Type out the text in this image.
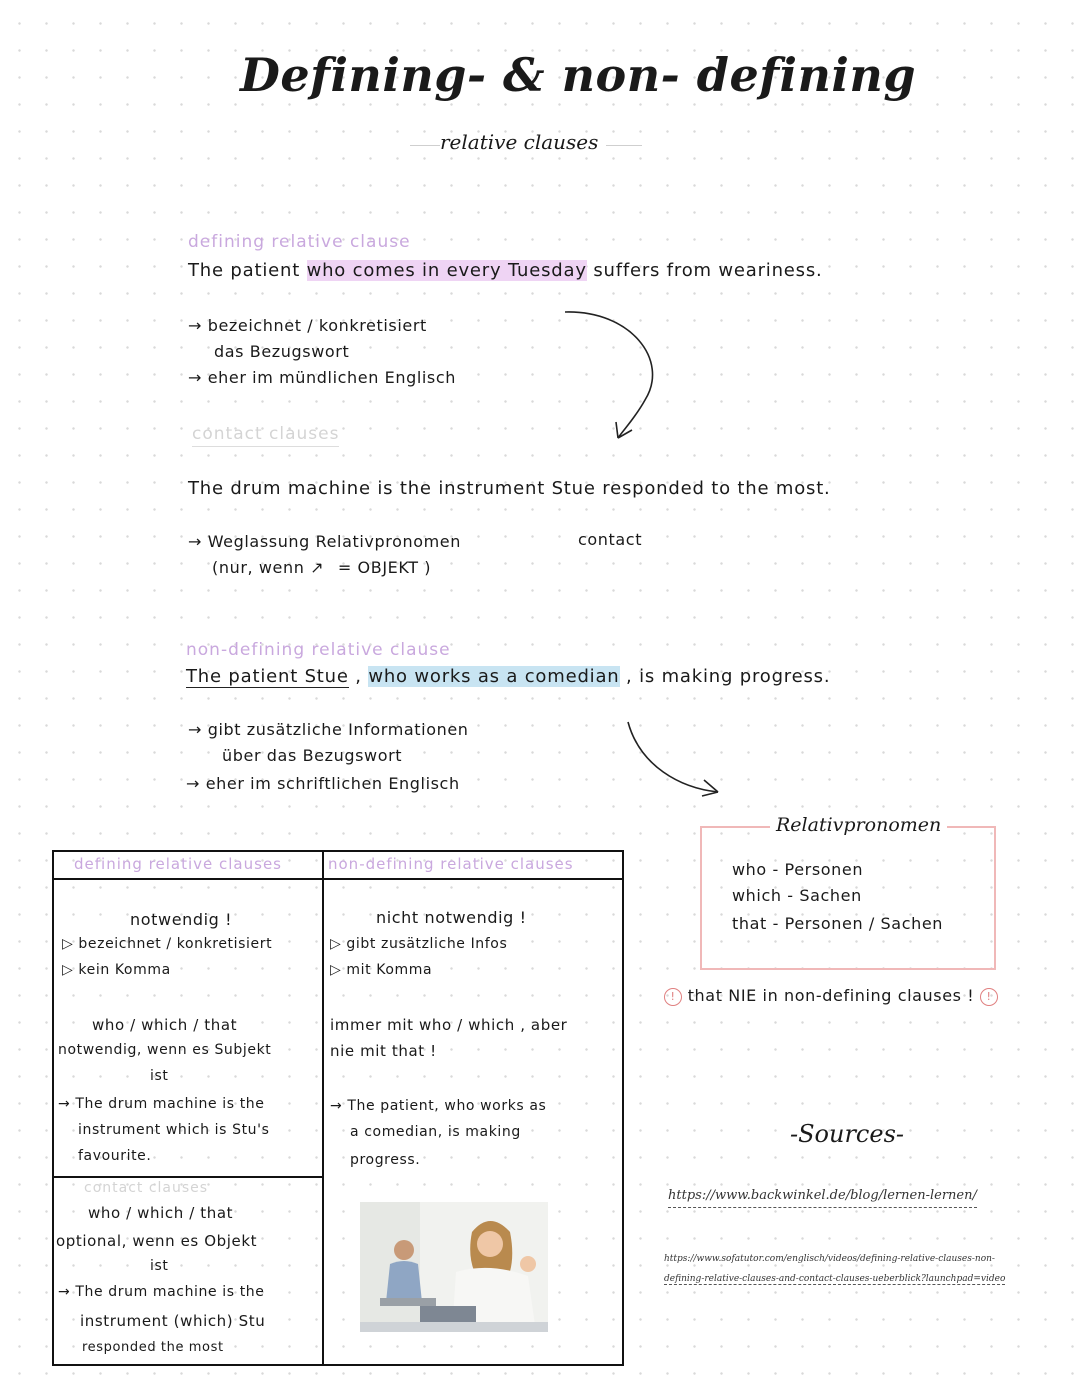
Defining- & non- defining
relative clauses
defining relative clause
The patient who comes in every Tuesday suffers from weariness.
→ bezeichnet / konkretisiert
das Bezugswort
→ eher im mündlichen Englisch
contact clauses
The drum machine is the instrument Stue responded to the most.
→ Weglassung Relativpronomen
(nur, wenn ↗ = OBJEKT )
contact
non-defining relative clause
The patient Stue , who works as a comedian , is making progress.
→ gibt zusätzliche Informationen
über das Bezugswort
→ eher im schriftlichen Englisch
Relativpronomen
who - Personen
which - Sachen
that - Personen / Sachen
! that NIE in non-defining clauses ! !
defining relative clauses	non-defining relative clauses
notwendig !
▷ bezeichnet / konkretisiert
▷ kein Komma
nicht notwendig !
▷ gibt zusätzliche Infos
▷ mit Komma
who / which / that
notwendig, wenn es Subjekt
ist
→ The drum machine is the
instrument which is Stu's
favourite.
immer mit who / which , aber
nie mit that !
→ The patient, who works as
a comedian, is making
progress.
contact clauses
who / which / that
optional, wenn es Objekt
ist
→ The drum machine is the
instrument (which) Stu
responded the most
-Sources-
https://www.backwinkel.de/blog/lernen-lernen/
https://www.sofatutor.com/englisch/videos/defining-relative-clauses-non-
defining-relative-clauses-and-contact-clauses-ueberblick?launchpad=video
